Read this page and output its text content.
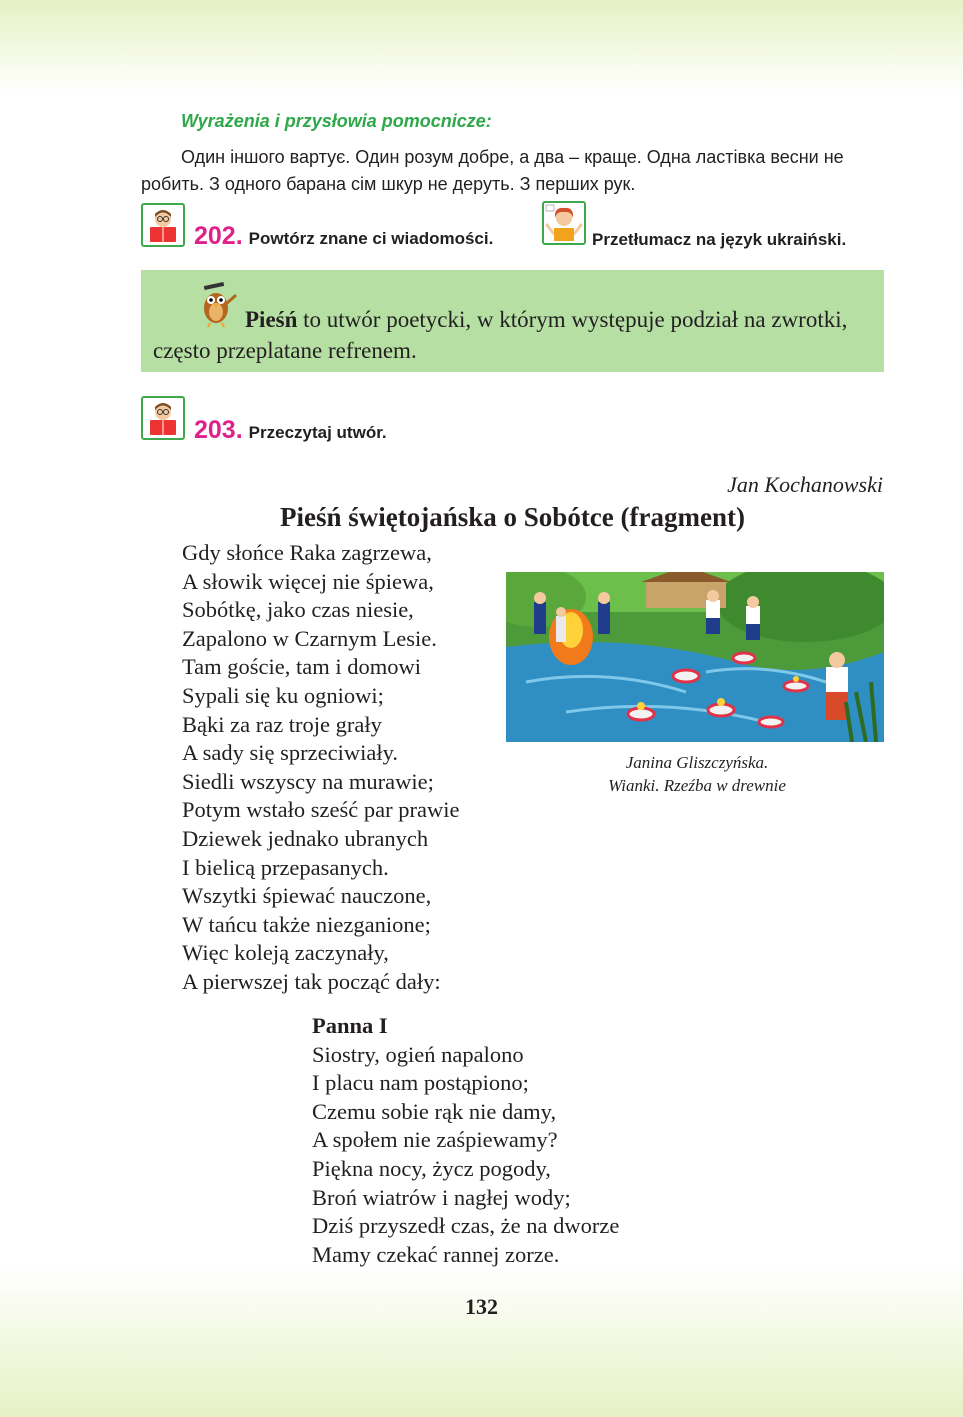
Wyrażenia i przysłowia pomocnicze:
Один іншого вартує. Один розум добре, а два – краще. Одна ластівка весни не робить. З одного барана сім шкур не деруть. З перших рук.
202. Powtórz znane ci wiadomości.	Przetłumacz na język ukraiński.
Pieśń to utwór poetycki, w którym występuje podział na zwrotki, często przeplatane refrenem.
203. Przeczytaj utwór.
Jan Kochanowski
Pieśń świętojańska o Sobótce (fragment)
Gdy słońce Raka zagrzewa,
A słowik więcej nie śpiewa,
Sobótkę, jako czas niesie,
Zapalono w Czarnym Lesie.
Tam goście, tam i domowi
Sypali się ku ogniowi;
Bąki za raz troje grały
A sady się sprzeciwiały.
Siedli wszyscy na murawie;
Potym wstało sześć par prawie
Dziewek jednako ubranych
I bielicą przepasanych.
Wszytki śpiewać nauczone,
W tańcu także niezganione;
Więc koleją zaczynały,
A pierwszej tak począć dały:
Janina Gliszczyńska.
Wianki. Rzeźba w drewnie
Panna I
Siostry, ogień napalono
I placu nam postąpiono;
Czemu sobie rąk nie damy,
A społem nie zaśpiewamy?
Piękna nocy, życz pogody,
Broń wiatrów i nagłej wody;
Dziś przyszedł czas, że na dworze
Mamy czekać rannej zorze.
132
